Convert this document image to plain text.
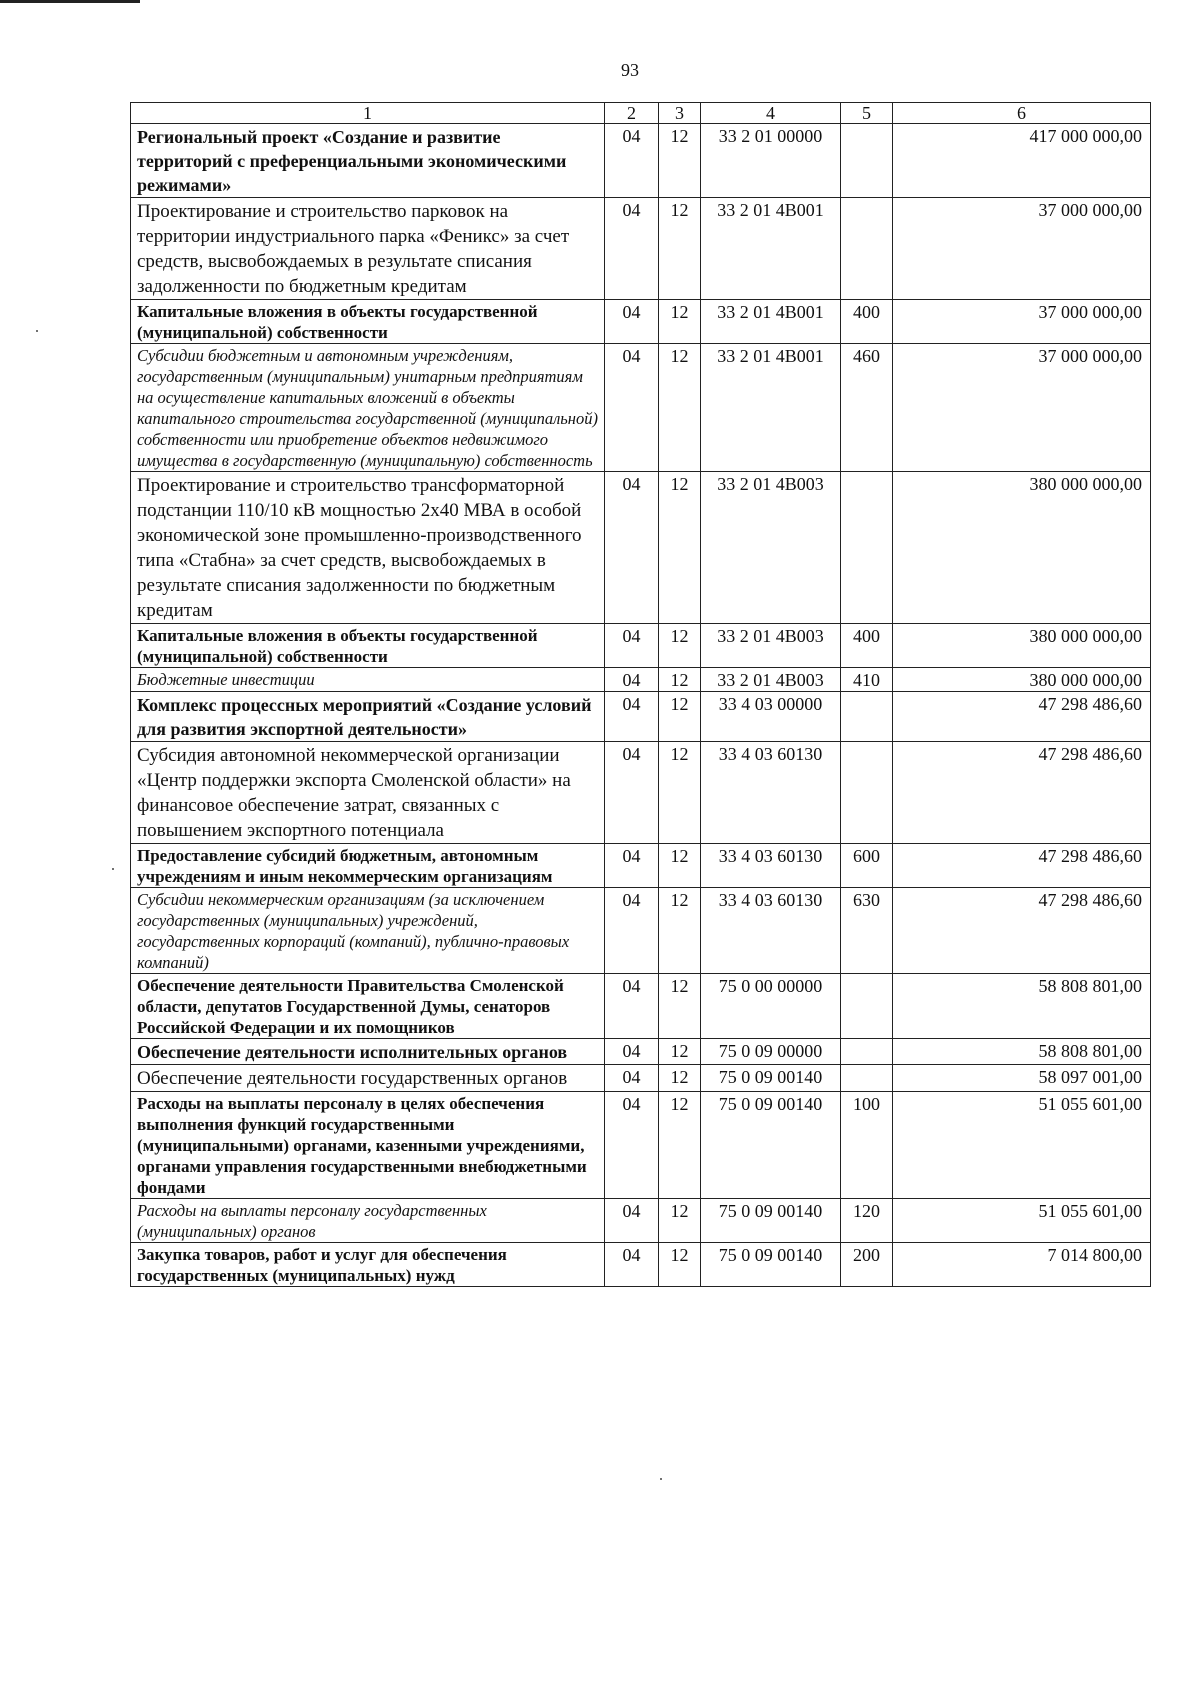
93
1	2	3	4	5	6
Региональный проект «Создание и развитие территорий с преференциальными экономическими режимами»	04	12	33 2 01 00000		417 000 000,00
Проектирование и строительство парковок на территории индустриального парка «Феникс» за счет средств, высвобождаемых в результате списания задолженности по бюджетным кредитам	04	12	33 2 01 4В001		37 000 000,00
Капитальные вложения в объекты государственной (муниципальной) собственности	04	12	33 2 01 4В001	400	37 000 000,00
Субсидии бюджетным и автономным учреждениям, государственным (муниципальным) унитарным предприятиям на осуществление капитальных вложений в объекты капитального строительства государственной (муниципальной) собственности или приобретение объектов недвижимого имущества в государственную (муниципальную) собственность	04	12	33 2 01 4В001	460	37 000 000,00
Проектирование и строительство трансформаторной подстанции 110/10 кВ мощностью 2х40 МВА в особой экономической зоне промышленно-производственного типа «Стабна» за счет средств, высвобождаемых в результате списания задолженности по бюджетным кредитам	04	12	33 2 01 4В003		380 000 000,00
Капитальные вложения в объекты государственной (муниципальной) собственности	04	12	33 2 01 4В003	400	380 000 000,00
Бюджетные инвестиции	04	12	33 2 01 4В003	410	380 000 000,00
Комплекс процессных мероприятий «Создание условий для развития экспортной деятельности»	04	12	33 4 03 00000		47 298 486,60
Субсидия автономной некоммерческой организации «Центр поддержки экспорта Смоленской области» на финансовое обеспечение затрат, связанных с повышением экспортного потенциала	04	12	33 4 03 60130		47 298 486,60
Предоставление субсидий бюджетным, автономным учреждениям и иным некоммерческим организациям	04	12	33 4 03 60130	600	47 298 486,60
Субсидии некоммерческим организациям (за исключением государственных (муниципальных) учреждений, государственных корпораций (компаний), публично-правовых компаний)	04	12	33 4 03 60130	630	47 298 486,60
Обеспечение деятельности Правительства Смоленской области, депутатов Государственной Думы, сенаторов Российской Федерации и их помощников	04	12	75 0 00 00000		58 808 801,00
Обеспечение деятельности исполнительных органов	04	12	75 0 09 00000		58 808 801,00
Обеспечение деятельности государственных органов	04	12	75 0 09 00140		58 097 001,00
Расходы на выплаты персоналу в целях обеспечения выполнения функций государственными (муниципальными) органами, казенными учреждениями, органами управления государственными внебюджетными фондами	04	12	75 0 09 00140	100	51 055 601,00
Расходы на выплаты персоналу государственных (муниципальных) органов	04	12	75 0 09 00140	120	51 055 601,00
Закупка товаров, работ и услуг для обеспечения государственных (муниципальных) нужд	04	12	75 0 09 00140	200	7 014 800,00
